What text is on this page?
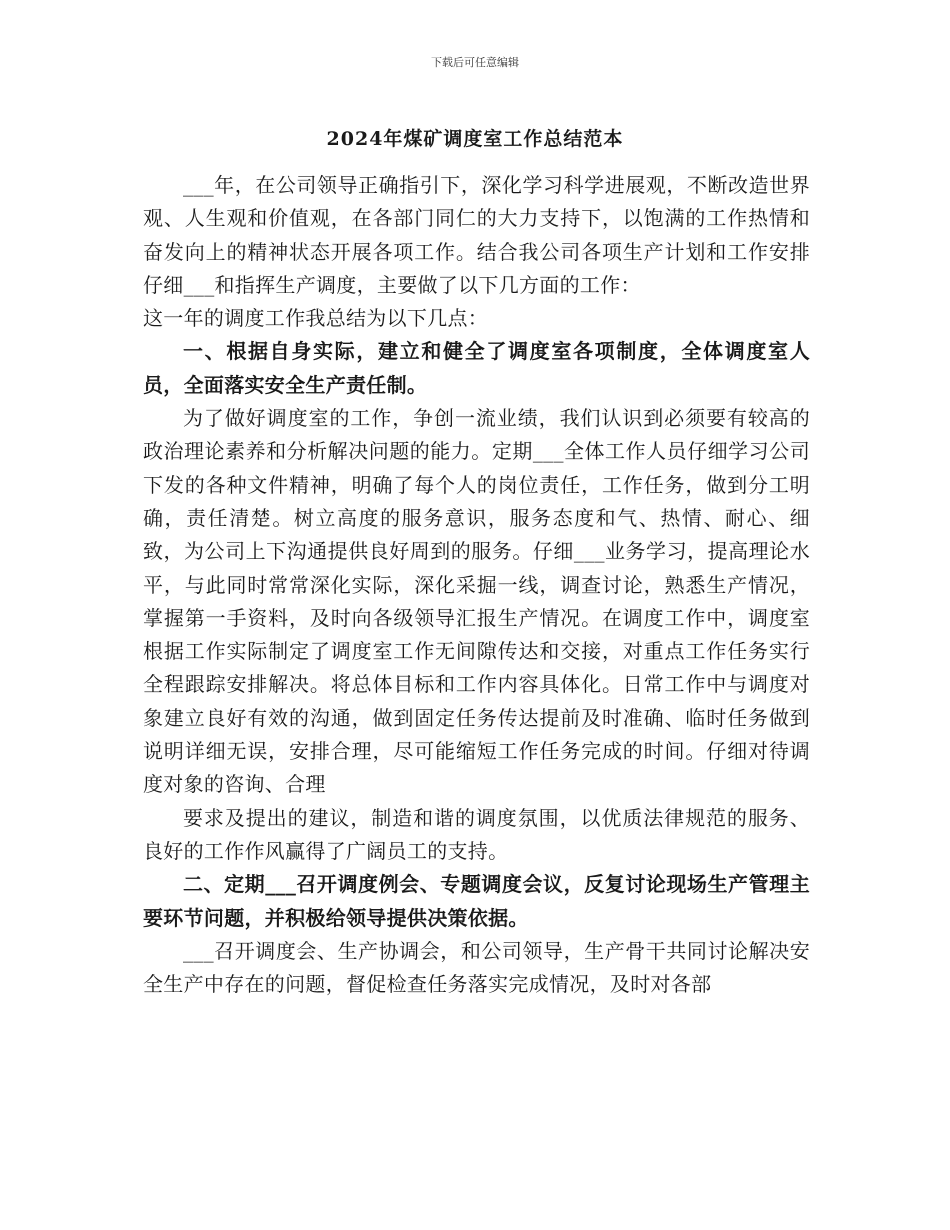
下载后可任意编辑
2024年煤矿调度室工作总结范本

___年，在公司领导正确指引下，深化学习科学进展观，不断改造世界观、人生观和价值观，在各部门同仁的大力支持下，以饱满的工作热情和奋发向上的精神状态开展各项工作。结合我公司各项生产计划和工作安排仔细___和指挥生产调度，主要做了以下几方面的工作：

这一年的调度工作我总结为以下几点：

一、根据自身实际，建立和健全了调度室各项制度，全体调度室人员，全面落实安全生产责任制。

为了做好调度室的工作，争创一流业绩，我们认识到必须要有较高的政治理论素养和分析解决问题的能力。定期___全体工作人员仔细学习公司下发的各种文件精神，明确了每个人的岗位责任，工作任务，做到分工明确，责任清楚。树立高度的服务意识，服务态度和气、热情、耐心、细致，为公司上下沟通提供良好周到的服务。仔细___业务学习，提高理论水平，与此同时常常深化实际，深化采掘一线，调查讨论，熟悉生产情况，掌握第一手资料，及时向各级领导汇报生产情况。在调度工作中，调度室根据工作实际制定了调度室工作无间隙传达和交接，对重点工作任务实行全程跟踪安排解决。将总体目标和工作内容具体化。日常工作中与调度对象建立良好有效的沟通，做到固定任务传达提前及时准确、临时任务做到说明详细无误，安排合理，尽可能缩短工作任务完成的时间。仔细对待调度对象的咨询、合理

要求及提出的建议，制造和谐的调度氛围，以优质法律规范的服务、良好的工作作风赢得了广阔员工的支持。

二、定期___召开调度例会、专题调度会议，反复讨论现场生产管理主要环节问题，并积极给领导提供决策依据。

___召开调度会、生产协调会，和公司领导，生产骨干共同讨论解决安全生产中存在的问题，督促检查任务落实完成情况，及时对各部
